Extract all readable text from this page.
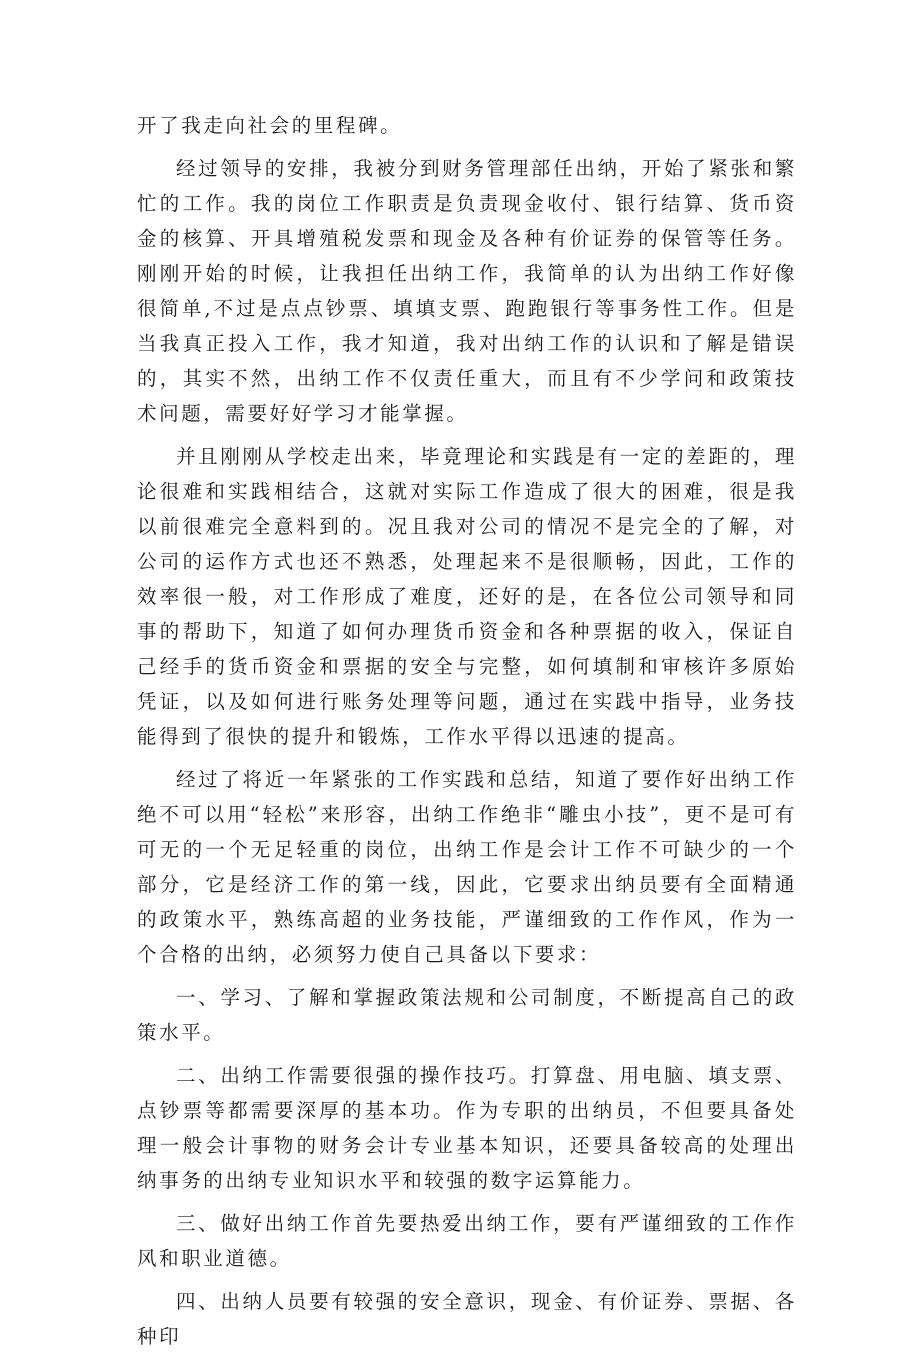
开了我走向社会的里程碑。

经过领导的安排，我被分到财务管理部任出纳，开始了紧张和繁忙的工作。我的岗位工作职责是负责现金收付、银行结算、货币资金的核算、开具增殖税发票和现金及各种有价证券的保管等任务。刚刚开始的时候，让我担任出纳工作，我简单的认为出纳工作好像很简单,不过是点点钞票、填填支票、跑跑银行等事务性工作。但是当我真正投入工作，我才知道，我对出纳工作的认识和了解是错误的，其实不然，出纳工作不仅责任重大，而且有不少学问和政策技术问题，需要好好学习才能掌握。

并且刚刚从学校走出来，毕竟理论和实践是有一定的差距的，理论很难和实践相结合，这就对实际工作造成了很大的困难，很是我以前很难完全意料到的。况且我对公司的情况不是完全的了解，对公司的运作方式也还不熟悉，处理起来不是很顺畅，因此，工作的效率很一般，对工作形成了难度，还好的是，在各位公司领导和同事的帮助下，知道了如何办理货币资金和各种票据的收入，保证自己经手的货币资金和票据的安全与完整，如何填制和审核许多原始凭证，以及如何进行账务处理等问题，通过在实践中指导，业务技能得到了很快的提升和锻炼，工作水平得以迅速的提高。

经过了将近一年紧张的工作实践和总结，知道了要作好出纳工作绝不可以用“轻松”来形容，出纳工作绝非“雕虫小技”，更不是可有可无的一个无足轻重的岗位，出纳工作是会计工作不可缺少的一个部分，它是经济工作的第一线，因此，它要求出纳员要有全面精通的政策水平，熟练高超的业务技能，严谨细致的工作作风，作为一个合格的出纳，必须努力使自己具备以下要求：

一、学习、了解和掌握政策法规和公司制度，不断提高自己的政策水平。

二、出纳工作需要很强的操作技巧。打算盘、用电脑、填支票、点钞票等都需要深厚的基本功。作为专职的出纳员，不但要具备处理一般会计事物的财务会计专业基本知识，还要具备较高的处理出纳事务的出纳专业知识水平和较强的数字运算能力。

三、做好出纳工作首先要热爱出纳工作，要有严谨细致的工作作风和职业道德。

四、出纳人员要有较强的安全意识，现金、有价证券、票据、各种印
